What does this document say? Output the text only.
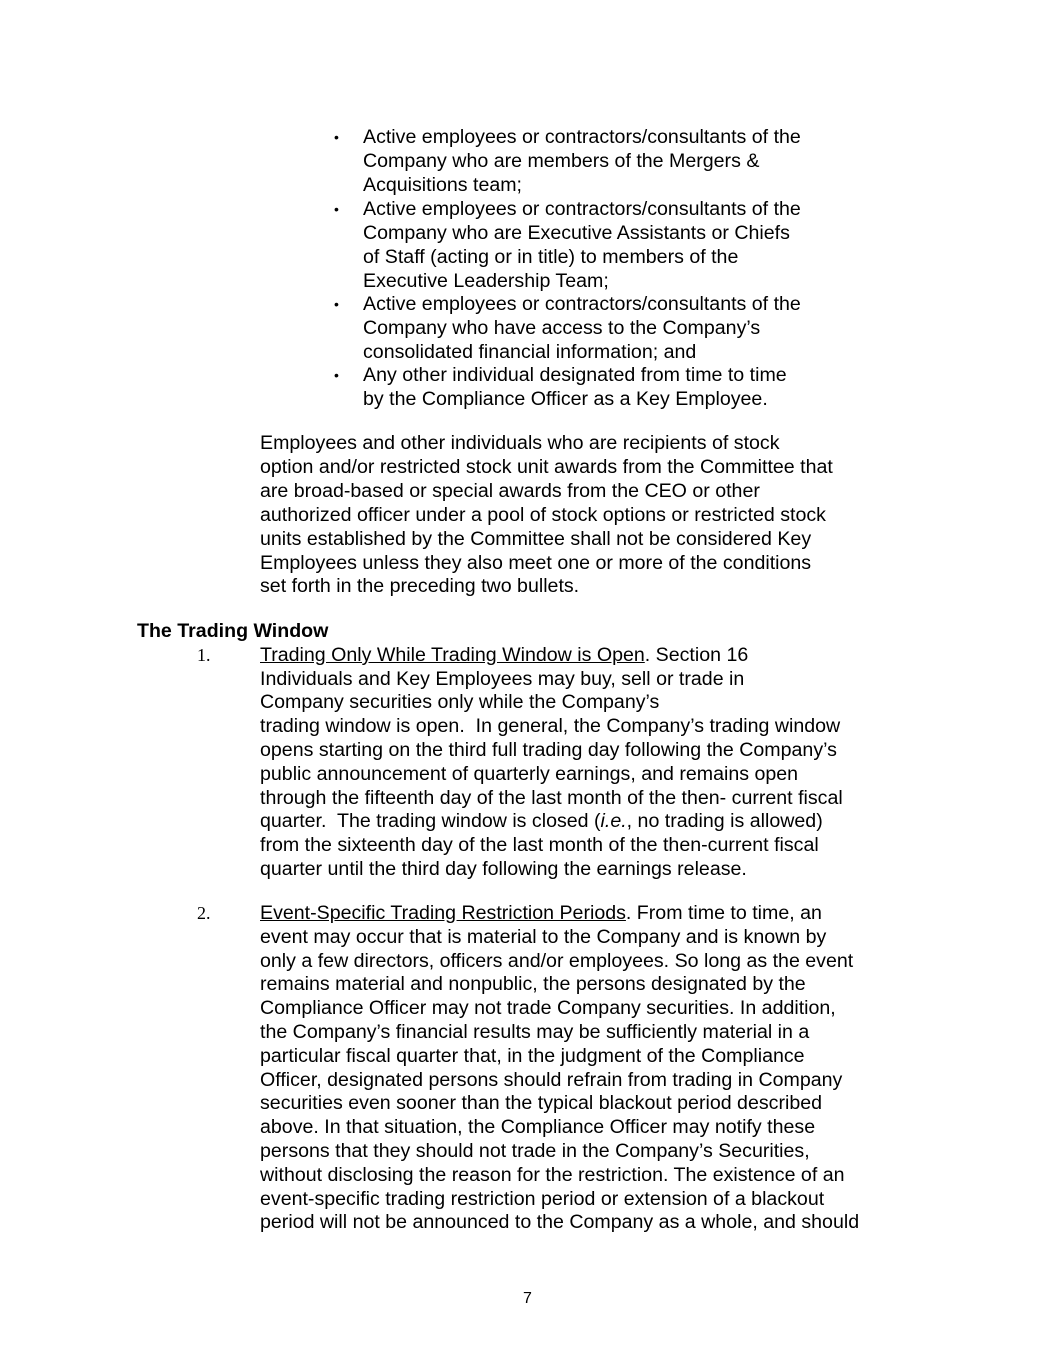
• Active employees or contractors/consultants of the
Company who are members of the Mergers &
Acquisitions team;
• Active employees or contractors/consultants of the
Company who are Executive Assistants or Chiefs
of Staff (acting or in title) to members of the
Executive Leadership Team;
• Active employees or contractors/consultants of the
Company who have access to the Company’s
consolidated financial information; and
• Any other individual designated from time to time
by the Compliance Officer as a Key Employee.
Employees and other individuals who are recipients of stock
option and/or restricted stock unit awards from the Committee that
are broad-based or special awards from the CEO or other
authorized officer under a pool of stock options or restricted stock
units established by the Committee shall not be considered Key
Employees unless they also meet one or more of the conditions
set forth in the preceding two bullets.
The Trading Window
1.	Trading Only While Trading Window is Open. Section 16
Individuals and Key Employees may buy, sell or trade in
Company securities only while the Company’s
trading window is open.  In general, the Company’s trading window
opens starting on the third full trading day following the Company’s
public announcement of quarterly earnings, and remains open
through the fifteenth day of the last month of the then- current fiscal
quarter.  The trading window is closed (i.e., no trading is allowed)
from the sixteenth day of the last month of the then-current fiscal
quarter until the third day following the earnings release.
2.	Event-Specific Trading Restriction Periods. From time to time, an
event may occur that is material to the Company and is known by
only a few directors, officers and/or employees. So long as the event
remains material and nonpublic, the persons designated by the
Compliance Officer may not trade Company securities. In addition,
the Company’s financial results may be sufficiently material in a
particular fiscal quarter that, in the judgment of the Compliance
Officer, designated persons should refrain from trading in Company
securities even sooner than the typical blackout period described
above. In that situation, the Compliance Officer may notify these
persons that they should not trade in the Company’s Securities,
without disclosing the reason for the restriction. The existence of an
event-specific trading restriction period or extension of a blackout
period will not be announced to the Company as a whole, and should
7
